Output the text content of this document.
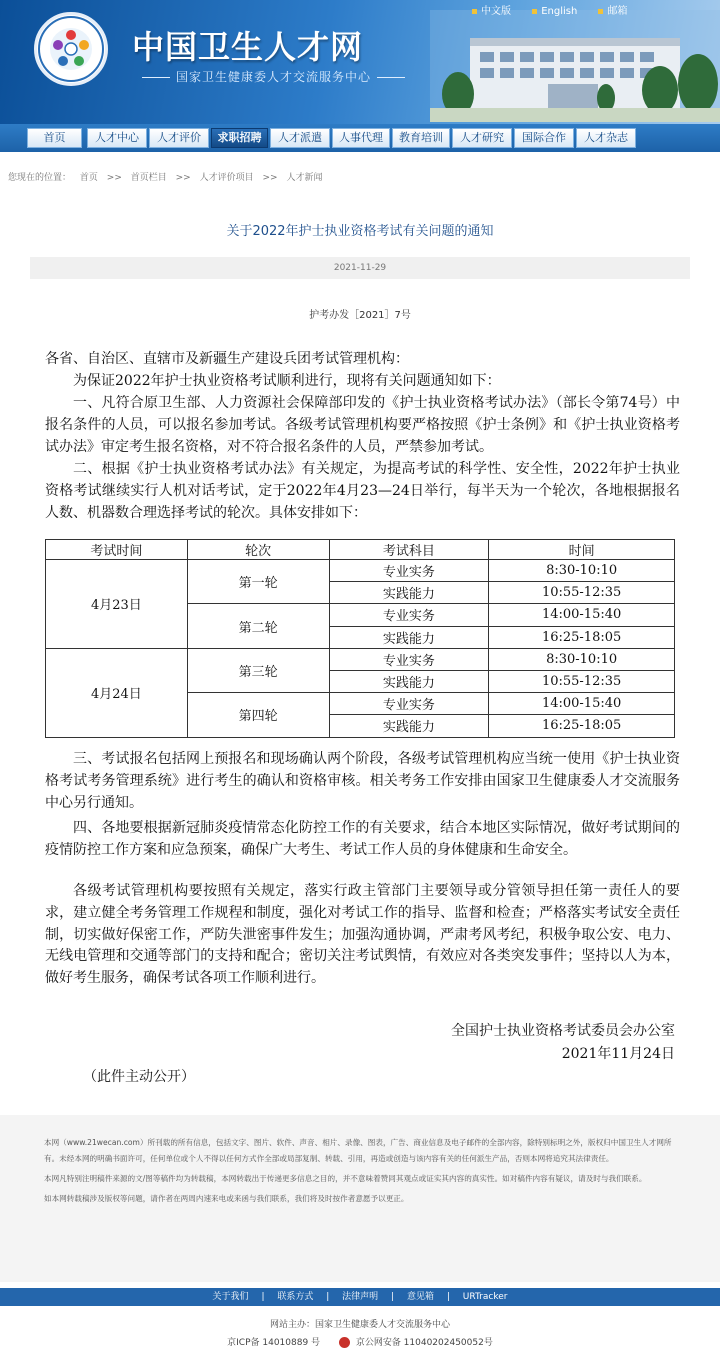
中国卫生人才网
国家卫生健康委人才交流服务中心
中文版	English	邮箱
首页	人才中心	人才评价	求职招聘	人才派遣	人事代理	教育培训	人才研究	国际合作	人才杂志
您现在的位置： 首页 >> 首页栏目 >> 人才评价项目 >> 人才新闻
关于2022年护士执业资格考试有关问题的通知
2021-11-29
护考办发［2021］7号
各省、自治区、直辖市及新疆生产建设兵团考试管理机构：
为保证2022年护士执业资格考试顺利进行，现将有关问题通知如下：
一、凡符合原卫生部、人力资源社会保障部印发的《护士执业资格考试办法》（部长令第74号）中报名条件的人员，可以报名参加考试。各级考试管理机构要严格按照《护士条例》和《护士执业资格考试办法》审定考生报名资格，对不符合报名条件的人员，严禁参加考试。
二、根据《护士执业资格考试办法》有关规定，为提高考试的科学性、安全性，2022年护士执业资格考试继续实行人机对话考试，定于2022年4月23—24日举行，每半天为一个轮次，各地根据报名人数、机器数合理选择考试的轮次。具体安排如下：
考试时间	轮次	考试科目	时间
4月23日	第一轮	专业实务	8:30-10:10
		实践能力	10:55-12:35
	第二轮	专业实务	14:00-15:40
		实践能力	16:25-18:05
4月24日	第三轮	专业实务	8:30-10:10
		实践能力	10:55-12:35
	第四轮	专业实务	14:00-15:40
		实践能力	16:25-18:05
三、考试报名包括网上预报名和现场确认两个阶段，各级考试管理机构应当统一使用《护士执业资格考试考务管理系统》进行考生的确认和资格审核。相关考务工作安排由国家卫生健康委人才交流服务中心另行通知。
四、各地要根据新冠肺炎疫情常态化防控工作的有关要求，结合本地区实际情况，做好考试期间的疫情防控工作方案和应急预案，确保广大考生、考试工作人员的身体健康和生命安全。
各级考试管理机构要按照有关规定，落实行政主管部门主要领导或分管领导担任第一责任人的要求，建立健全考务管理工作规程和制度，强化对考试工作的指导、监督和检查；严格落实考试安全责任制，切实做好保密工作，严防失泄密事件发生；加强沟通协调，严肃考风考纪，积极争取公安、电力、无线电管理和交通等部门的支持和配合；密切关注考试舆情，有效应对各类突发事件；坚持以人为本，做好考生服务，确保考试各项工作顺利进行。
全国护士执业资格考试委员会办公室
2021年11月24日
（此件主动公开）

本网（www.21wecan.com）所刊载的所有信息，包括文字、图片、软件、声音、相片、录像、图表，广告、商业信息及电子邮件的全部内容，除特别标明之外，版权归中国卫生人才网所有。未经本网的明确书面许可，任何单位或个人不得以任何方式作全部或局部复制、转载、引用，再造或创造与该内容有关的任何派生产品，否则本网将追究其法律责任。

本网凡特别注明稿件来源的文/图等稿件均为转载稿，本网转载出于传递更多信息之目的，并不意味着赞同其观点或证实其内容的真实性。如对稿件内容有疑议，请及时与我们联系。

如本网转载稿涉及版权等问题，请作者在两周内速来电或来函与我们联系，我们将及时按作者意愿予以更正。

关于我们 | 联系方式 | 法律声明 | 意见箱 | URTracker
网站主办：国家卫生健康委人才交流服务中心
京ICP备 14010889 号	京公网安备 11040202450052号
